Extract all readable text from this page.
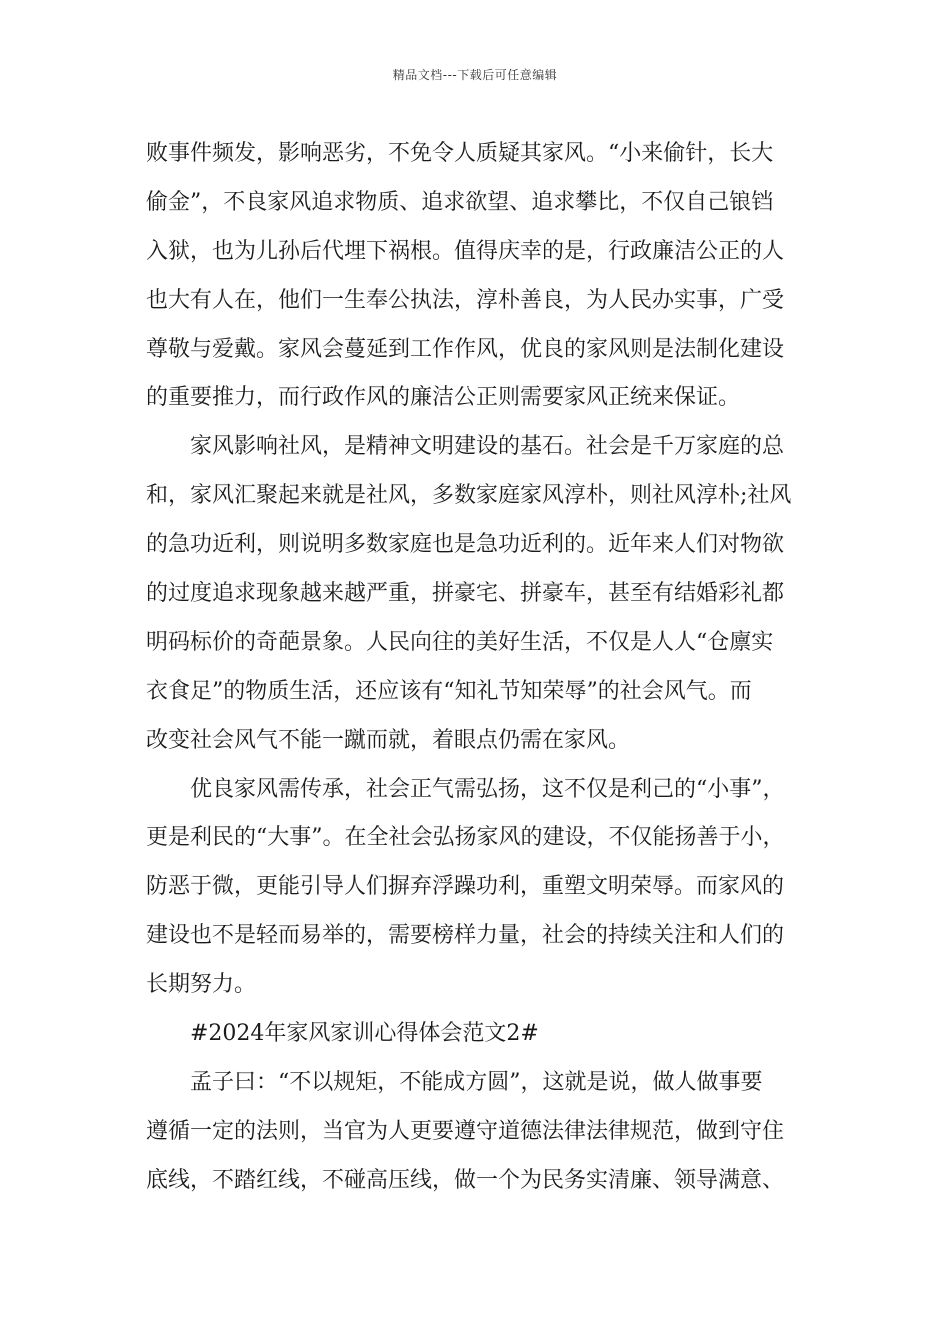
精品文档---下载后可任意编辑
败事件频发，影响恶劣，不免令人质疑其家风。“小来偷针，长大
偷金”，不良家风追求物质、追求欲望、追求攀比，不仅自己锒铛
入狱，也为儿孙后代埋下祸根。值得庆幸的是，行政廉洁公正的人
也大有人在，他们一生奉公执法，淳朴善良，为人民办实事，广受
尊敬与爱戴。家风会蔓延到工作作风，优良的家风则是法制化建设
的重要推力，而行政作风的廉洁公正则需要家风正统来保证。
家风影响社风，是精神文明建设的基石。社会是千万家庭的总
和，家风汇聚起来就是社风，多数家庭家风淳朴，则社风淳朴;社风
的急功近利，则说明多数家庭也是急功近利的。近年来人们对物欲
的过度追求现象越来越严重，拼豪宅、拼豪车，甚至有结婚彩礼都
明码标价的奇葩景象。人民向往的美好生活，不仅是人人“仓廪实
衣食足”的物质生活，还应该有“知礼节知荣辱”的社会风气。而
改变社会风气不能一蹴而就，着眼点仍需在家风。
优良家风需传承，社会正气需弘扬，这不仅是利己的“小事”，
更是利民的“大事”。在全社会弘扬家风的建设，不仅能扬善于小，
防恶于微，更能引导人们摒弃浮躁功利，重塑文明荣辱。而家风的
建设也不是轻而易举的，需要榜样力量，社会的持续关注和人们的
长期努力。
#2024年家风家训心得体会范文2#
孟子曰：“不以规矩，不能成方圆”，这就是说，做人做事要
遵循一定的法则，当官为人更要遵守道德法律法律规范，做到守住
底线，不踏红线，不碰高压线，做一个为民务实清廉、领导满意、
